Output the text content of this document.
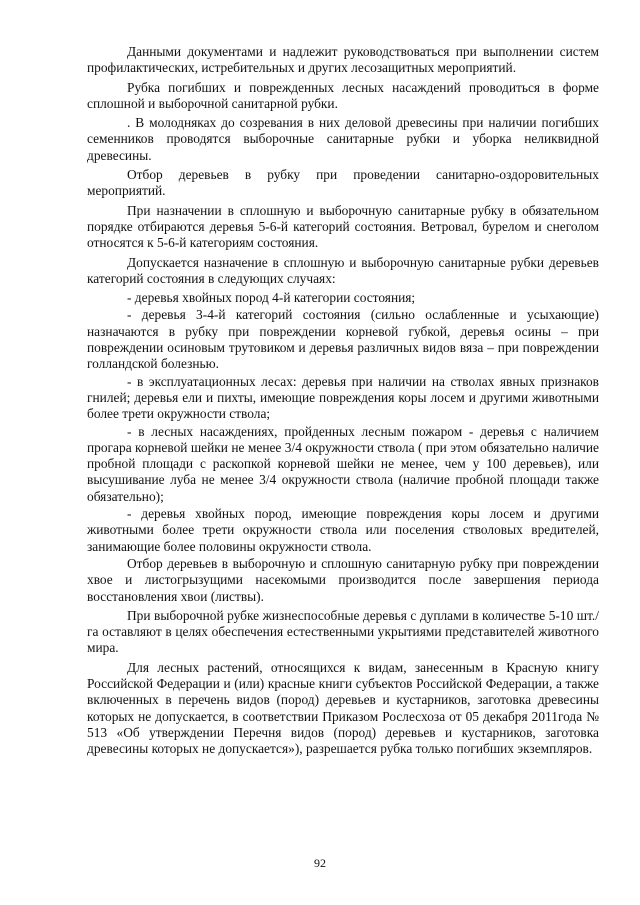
Данными документами и надлежит руководствоваться при выполнении систем профилактических, истребительных и других лесозащитных мероприятий.

Рубка погибших и поврежденных лесных насаждений проводиться в форме сплошной и выборочной санитарной рубки.

. В молодняках до созревания в них деловой древесины при наличии погибших семенников проводятся выборочные санитарные рубки и уборка неликвидной древесины.

Отбор деревьев в рубку при проведении санитарно-оздоровительных мероприятий.

При назначении в сплошную и выборочную санитарные рубку в обязательном порядке отбираются деревья 5-6-й категорий состояния. Ветровал, бурелом и снеголом относятся к 5-6-й категориям состояния.

Допускается назначение в сплошную и выборочную санитарные рубки деревьев категорий состояния в следующих случаях:

- деревья хвойных пород 4-й категории состояния;

- деревья 3-4-й категорий состояния (сильно ослабленные и усыхающие) назначаются в рубку при повреждении корневой губкой, деревья осины – при повреждении осиновым трутовиком и деревья различных видов вяза – при повреждении голландской болезнью.

- в эксплуатационных лесах: деревья при наличии на стволах явных признаков гнилей; деревья ели и пихты, имеющие повреждения коры лосем и другими животными более трети окружности ствола;

- в лесных насаждениях, пройденных лесным пожаром - деревья с наличием прогара корневой шейки не менее 3/4 окружности ствола ( при этом обязательно наличие пробной площади с раскопкой корневой шейки не менее, чем у 100 деревьев), или высушивание луба не менее 3/4 окружности ствола (наличие пробной площади также обязательно);

- деревья хвойных пород, имеющие повреждения коры лосем и другими животными более трети окружности ствола или поселения стволовых вредителей, занимающие более половины окружности ствола.

Отбор деревьев в выборочную и сплошную санитарную рубку при повреждении хвое и листогрызущими насекомыми производится после завершения периода восстановления хвои (листвы).

При выборочной рубке жизнеспособные деревья с дуплами в количестве 5-10 шт./га оставляют в целях обеспечения естественными укрытиями представителей животного мира.

Для лесных растений, относящихся к видам, занесенным в Красную книгу Российской Федерации и (или) красные книги субъектов Российской Федерации, а также включенных в перечень видов (пород) деревьев и кустарников, заготовка древесины которых не допускается, в соответствии Приказом Рослесхоза от 05 декабря 2011года № 513 «Об утверждении Перечня видов (пород) деревьев и кустарников, заготовка древесины которых не допускается»), разрешается рубка только погибших экземпляров.

92
